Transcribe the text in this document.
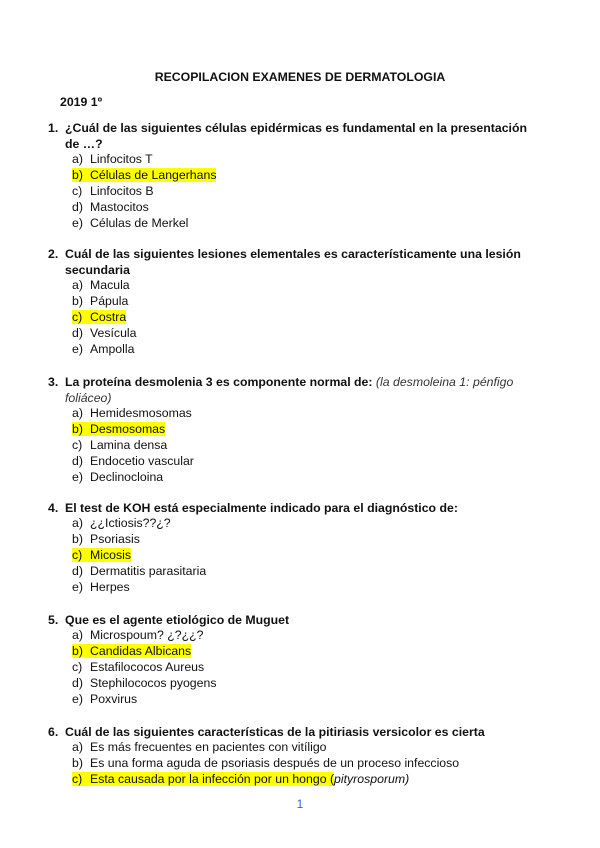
RECOPILACION EXAMENES DE DERMATOLOGIA
2019 1º
1. ¿Cuál de las siguientes células epidérmicas es fundamental en la presentación de …?
a) Linfocitos T
b) Células de Langerhans
c) Linfocitos B
d) Mastocitos
e) Células de Merkel
2. Cuál de las siguientes lesiones elementales es característicamente una lesión secundaria
a) Macula
b) Pápula
c) Costra
d) Vesícula
e) Ampolla
3. La proteína desmolenia 3 es componente normal de: (la desmoleina 1: pénfigo foliáceo)
a) Hemidesmosomas
b) Desmosomas
c) Lamina densa
d) Endocetio vascular
e) Declinocloina
4. El test de KOH está especialmente indicado para el diagnóstico de:
a) ¿¿Ictiosis??¿?
b) Psoriasis
c) Micosis
d) Dermatitis parasitaria
e) Herpes
5. Que es el agente etiológico de Muguet
a) Microspoum? ¿?¿¿?
b) Candidas Albicans
c) Estafilococos Aureus
d) Stephilococos pyogens
e) Poxvirus
6. Cuál de las siguientes características de la pitiriasis versicolor es cierta
a) Es más frecuentes en pacientes con vitíligo
b) Es una forma aguda de psoriasis después de un proceso infeccioso
c) Esta causada por la infección por un hongo (pityrosporum)
1
